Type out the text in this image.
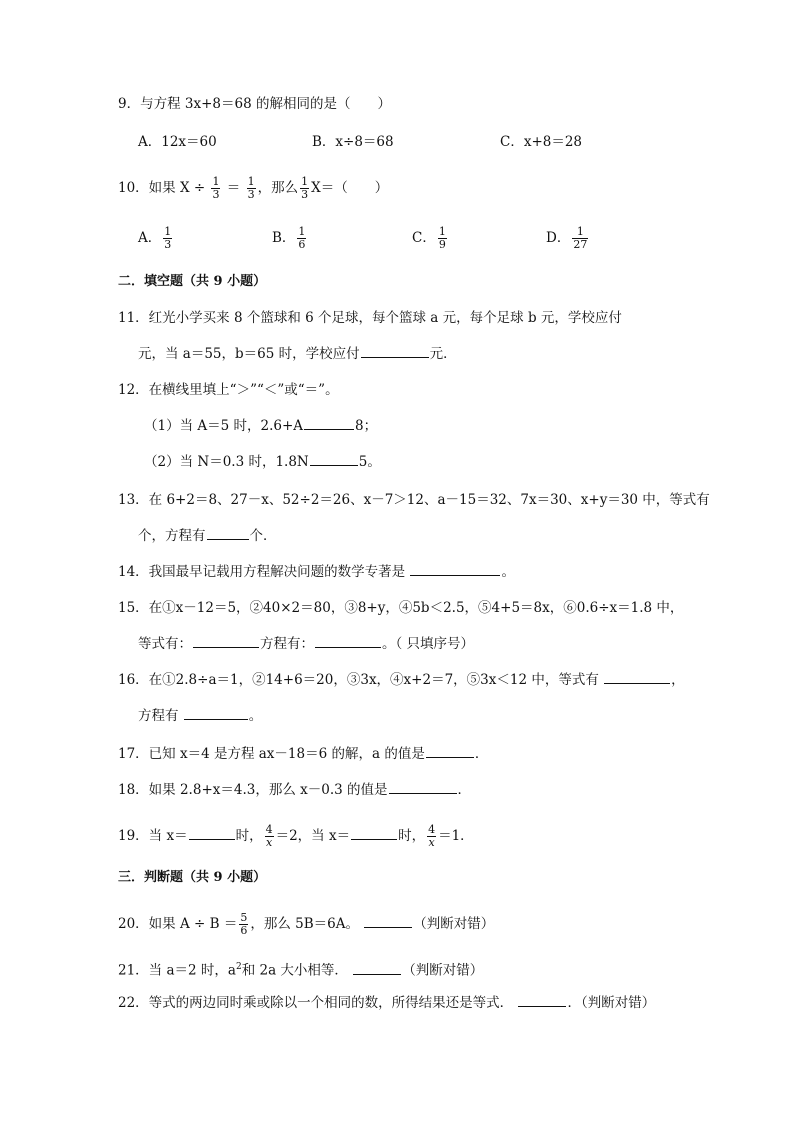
9．与方程 3x+8＝68 的解相同的是（　　）
A．12x＝60	B．x÷8＝68	C．x+8＝28
10．如果 $X \div \frac{1}{3} = \frac{1}{3}$ ，那么 $\frac{1}{3} X=$（　　）
A． $\frac{1}{3}$	B． $\frac{1}{6}$	C． $\frac{1}{9}$	D． $\frac{1}{27}$
二．填空题（共 9 小题）
11．红光小学买来 8 个篮球和 6 个足球，每个篮球 a 元，每个足球 b 元，学校应付
元，当 a＝55，b＝65 时，学校应付	元．
12．在横线里填上“＞”“＜”或“＝”。
（1）当 A＝5 时，2.6+A	8；
（2）当 N＝0.3 时，1.8N	5。
13．在 6+2＝8、27－x、52÷2＝26、x－7＞12、a－15＝32、7x＝30、x+y＝30 中，等式有
个，方程有	个．
14．我国最早记载用方程解决问题的数学专著是	。
15．在①x－12＝5，②40×2＝80，③8+y，④5b＜2.5，⑤4+5＝8x，⑥0.6÷x＝1.8 中，
等式有：	方程有：	。（ 只填序号）
16．在①2.8÷a＝1，②14+6＝20，③3x，④x+2＝7，⑤3x＜12 中，等式有	，
方程有	。
17．已知 x＝4 是方程 ax－18＝6 的解，a 的值是	．
18．如果 2.8+x＝4.3，那么 x－0.3 的值是	．
19．当 x＝	时， $\frac{4}{x} =2$，当 x＝	时， $\frac{4}{x} =1$．
三．判断题（共 9 小题）
20．如果 $A \div B = \frac{5}{6}$ ，那么 5B＝6A。	（判断对错）
21．当 a＝2 时，$a^2$和 2a 大小相等．	（判断对错）
22．等式的两边同时乘或除以一个相同的数，所得结果还是等式．	．（判断对错）
